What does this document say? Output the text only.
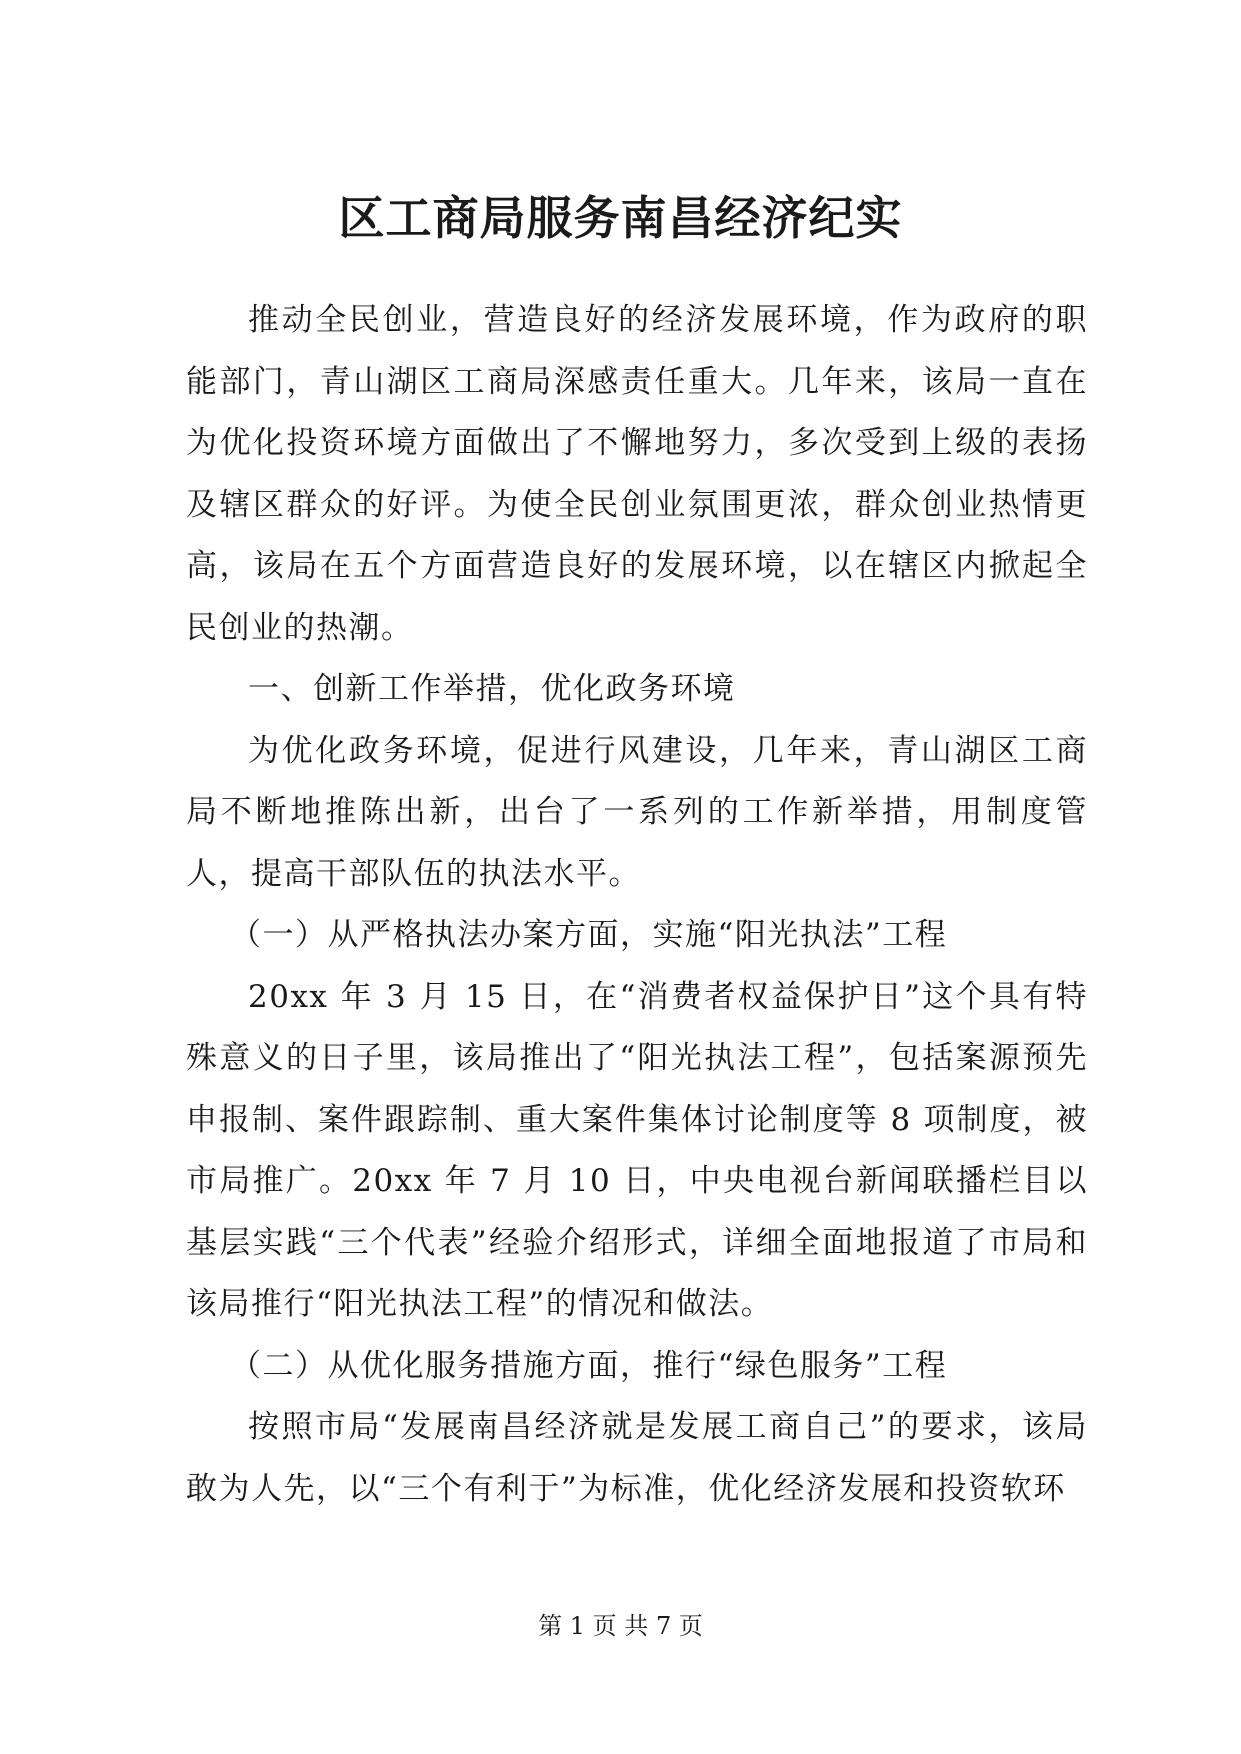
区工商局服务南昌经济纪实

推动全民创业，营造良好的经济发展环境，作为政府的职能部门，青山湖区工商局深感责任重大。几年来，该局一直在为优化投资环境方面做出了不懈地努力，多次受到上级的表扬及辖区群众的好评。为使全民创业氛围更浓，群众创业热情更高，该局在五个方面营造良好的发展环境，以在辖区内掀起全民创业的热潮。

一、创新工作举措，优化政务环境

为优化政务环境，促进行风建设，几年来，青山湖区工商局不断地推陈出新，出台了一系列的工作新举措，用制度管人，提高干部队伍的执法水平。

（一）从严格执法办案方面，实施“阳光执法”工程

20xx 年 3 月 15 日，在“消费者权益保护日”这个具有特殊意义的日子里，该局推出了“阳光执法工程”，包括案源预先申报制、案件跟踪制、重大案件集体讨论制度等 8 项制度，被市局推广。20xx 年 7 月 10 日，中央电视台新闻联播栏目以基层实践“三个代表”经验介绍形式，详细全面地报道了市局和该局推行“阳光执法工程”的情况和做法。

（二）从优化服务措施方面，推行“绿色服务”工程

按照市局“发展南昌经济就是发展工商自己”的要求，该局敢为人先，以“三个有利于”为标准，优化经济发展和投资软环

第 1 页 共 7 页
